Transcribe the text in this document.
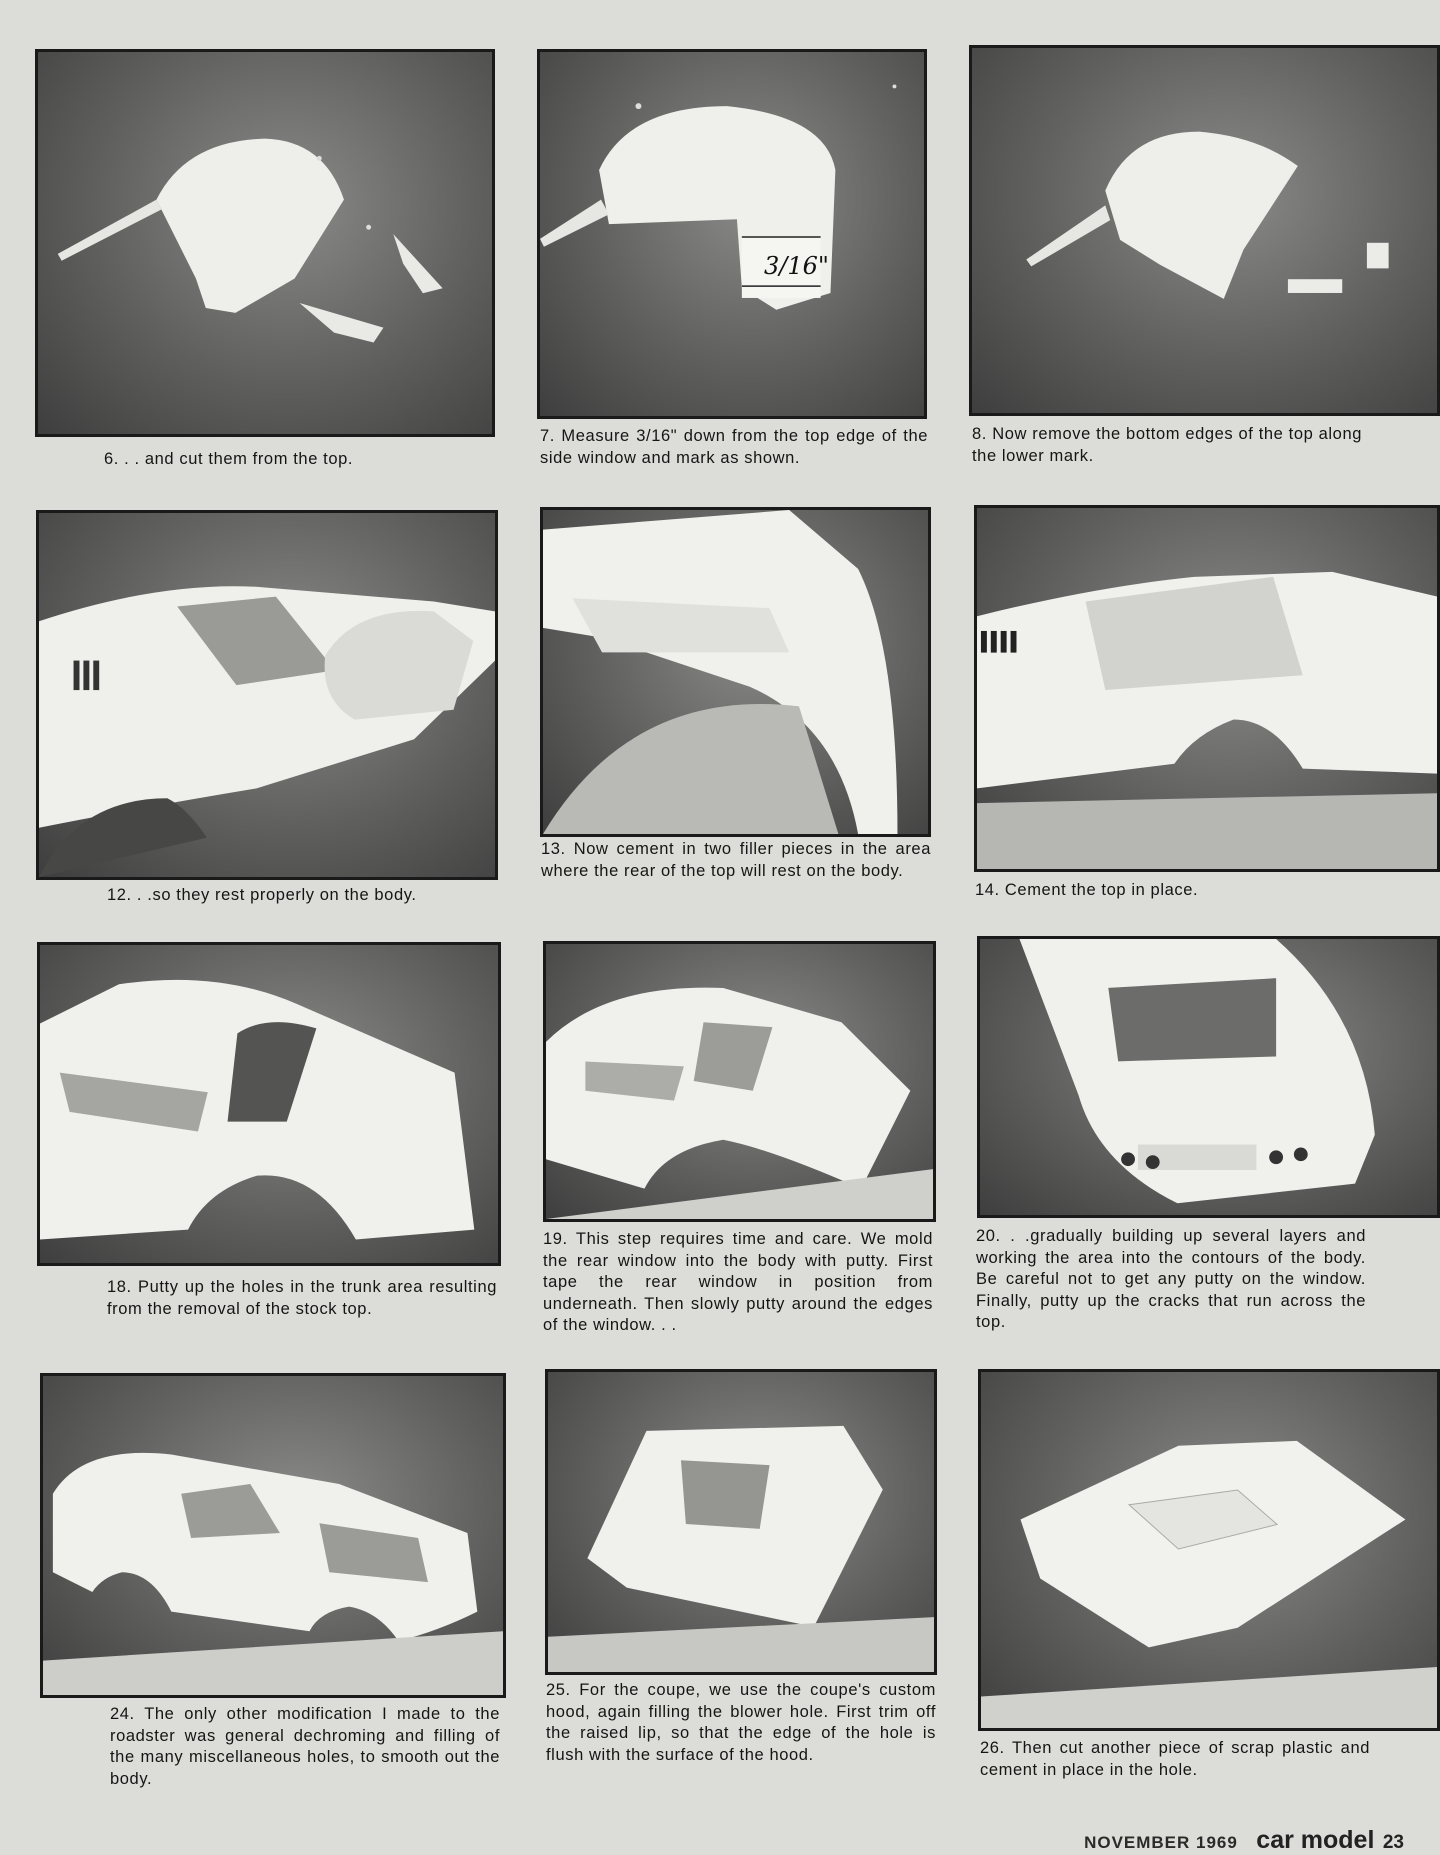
6. . . and cut them from the top.
3/16"
7. Measure 3/16" down from the top edge of the side window and mark as shown.
8. Now remove the bottom edges of the top along the lower mark.
12. . .so they rest properly on the body.
13. Now cement in two filler pieces in the area where the rear of the top will rest on the body.
14. Cement the top in place.
18. Putty up the holes in the trunk area resulting from the removal of the stock top.
19. This step requires time and care. We mold the rear window into the body with putty. First tape the rear window in position from underneath. Then slowly putty around the edges of the window. . .
20. . .gradually building up several layers and working the area into the contours of the body. Be careful not to get any putty on the window. Finally, putty up the cracks that run across the top.
24. The only other modification I made to the roadster was general dechroming and filling of the many miscellaneous holes, to smooth out the body.
25. For the coupe, we use the coupe's custom hood, again filling the blower hole. First trim off the raised lip, so that the edge of the hole is flush with the surface of the hood.	26. Then cut another piece of scrap plastic and cement in place in the hole.
NOVEMBER 1969 car model 23
